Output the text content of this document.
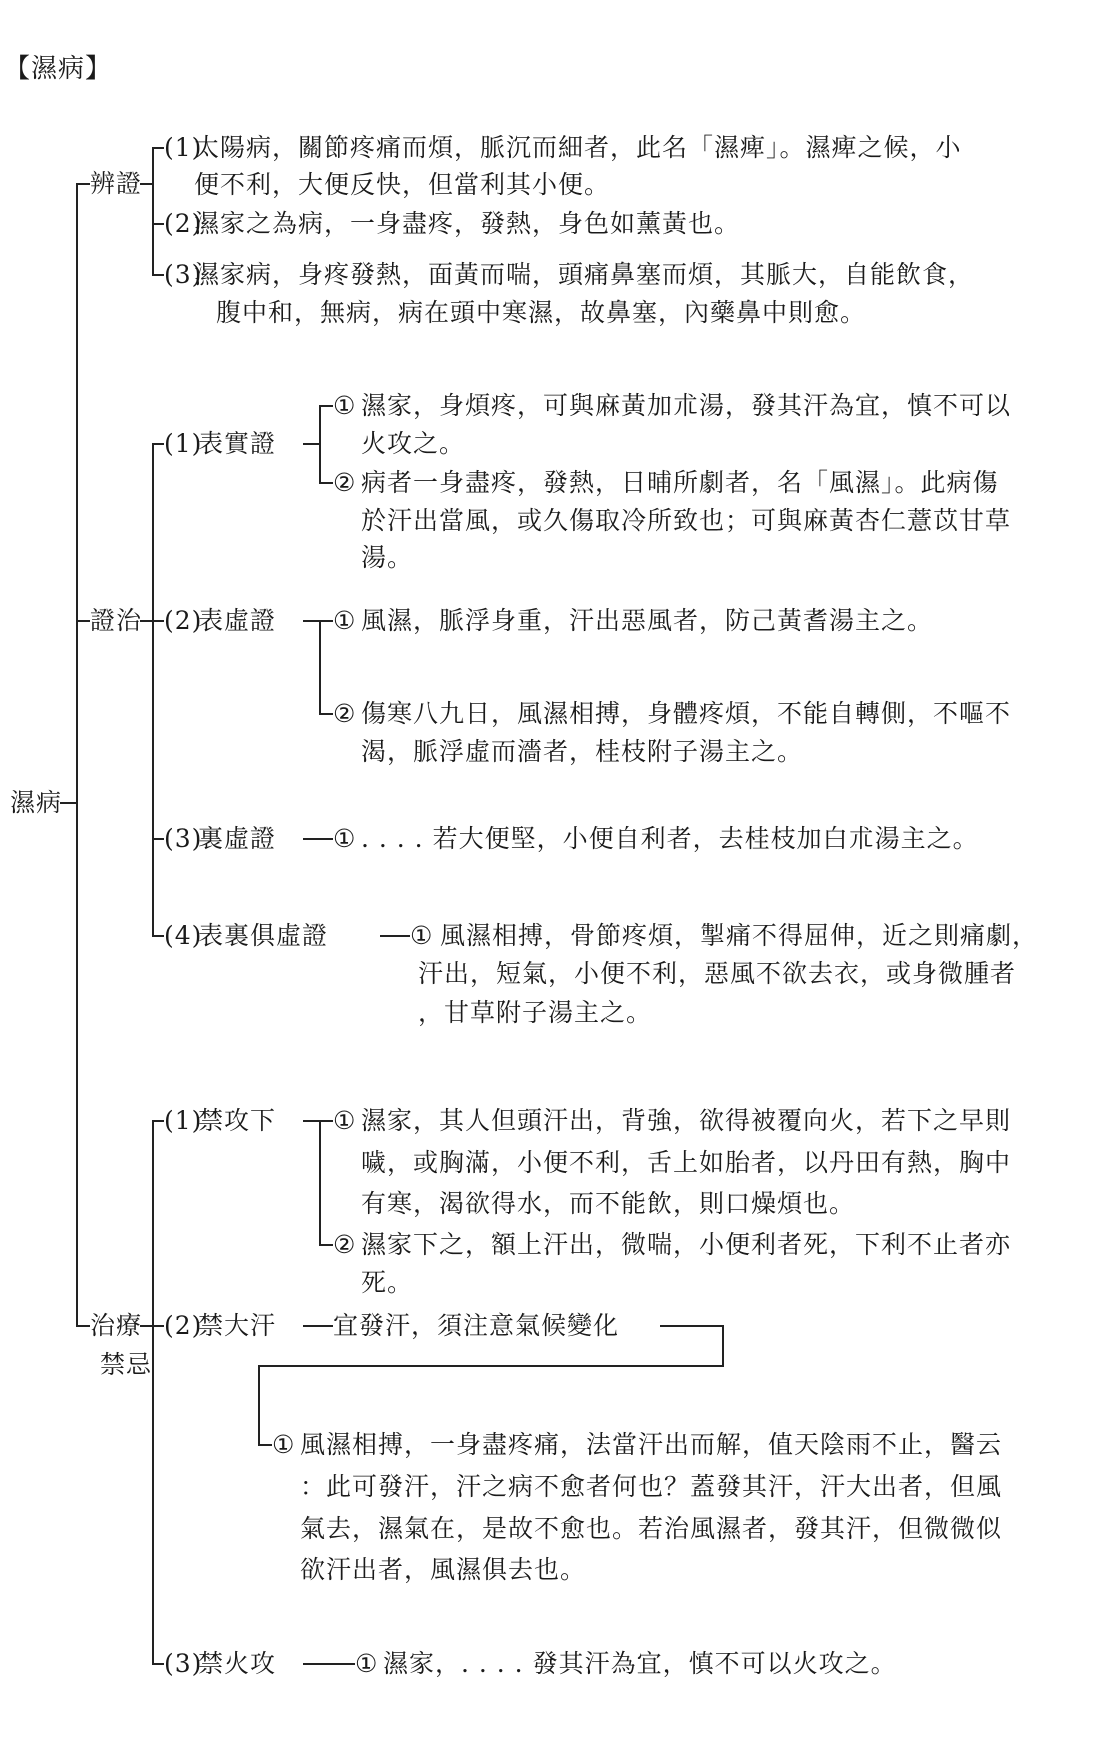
【濕病】
濕病
辨證
(1)
太陽病，關節疼痛而煩，脈沉而細者，此名「濕痺」。濕痺之候，小
便不利，大便反快，但當利其小便。
(2)
濕家之為病，一身盡疼，發熱，身色如薰黃也。
(3)
濕家病，身疼發熱，面黃而喘，頭痛鼻塞而煩，其脈大，自能飲食，
腹中和，無病，病在頭中寒濕，故鼻塞，內藥鼻中則愈。
證治
(1)
表實證
① 濕家，身煩疼，可與麻黃加朮湯，發其汗為宜，慎不可以
火攻之。
② 病者一身盡疼，發熱，日晡所劇者，名「風濕」。此病傷
於汗出當風，或久傷取冷所致也；可與麻黃杏仁薏苡甘草
湯。
(2)
表虛證 ① 風濕，脈浮身重，汗出惡風者，防己黃耆湯主之。
② 傷寒八九日，風濕相搏，身體疼煩，不能自轉側，不嘔不
渴，脈浮虛而濇者，桂枝附子湯主之。
(3)
裏虛證 ① . . . . 若大便堅，小便自利者，去桂枝加白朮湯主之。
(4)
表裏俱虛證	① 風濕相搏，骨節疼煩，掣痛不得屈伸，近之則痛劇，
汗出，短氣，小便不利，惡風不欲去衣，或身微腫者
，甘草附子湯主之。
治療
禁忌
(1)
禁攻下 ① 濕家，其人但頭汗出，背強，欲得被覆向火，若下之早則
噦，或胸滿，小便不利，舌上如胎者，以丹田有熱，胸中
有寒，渴欲得水，而不能飲，則口燥煩也。
② 濕家下之，額上汗出，微喘，小便利者死，下利不止者亦
死。
(2)
禁大汗 宜發汗，須注意氣候變化
① 風濕相搏，一身盡疼痛，法當汗出而解，值天陰雨不止，醫云
：此可發汗，汗之病不愈者何也？蓋發其汗，汗大出者，但風
氣去，濕氣在，是故不愈也。若治風濕者，發其汗，但微微似
欲汗出者，風濕俱去也。
(3)
禁火攻	① 濕家，. . . . 發其汗為宜，慎不可以火攻之。
